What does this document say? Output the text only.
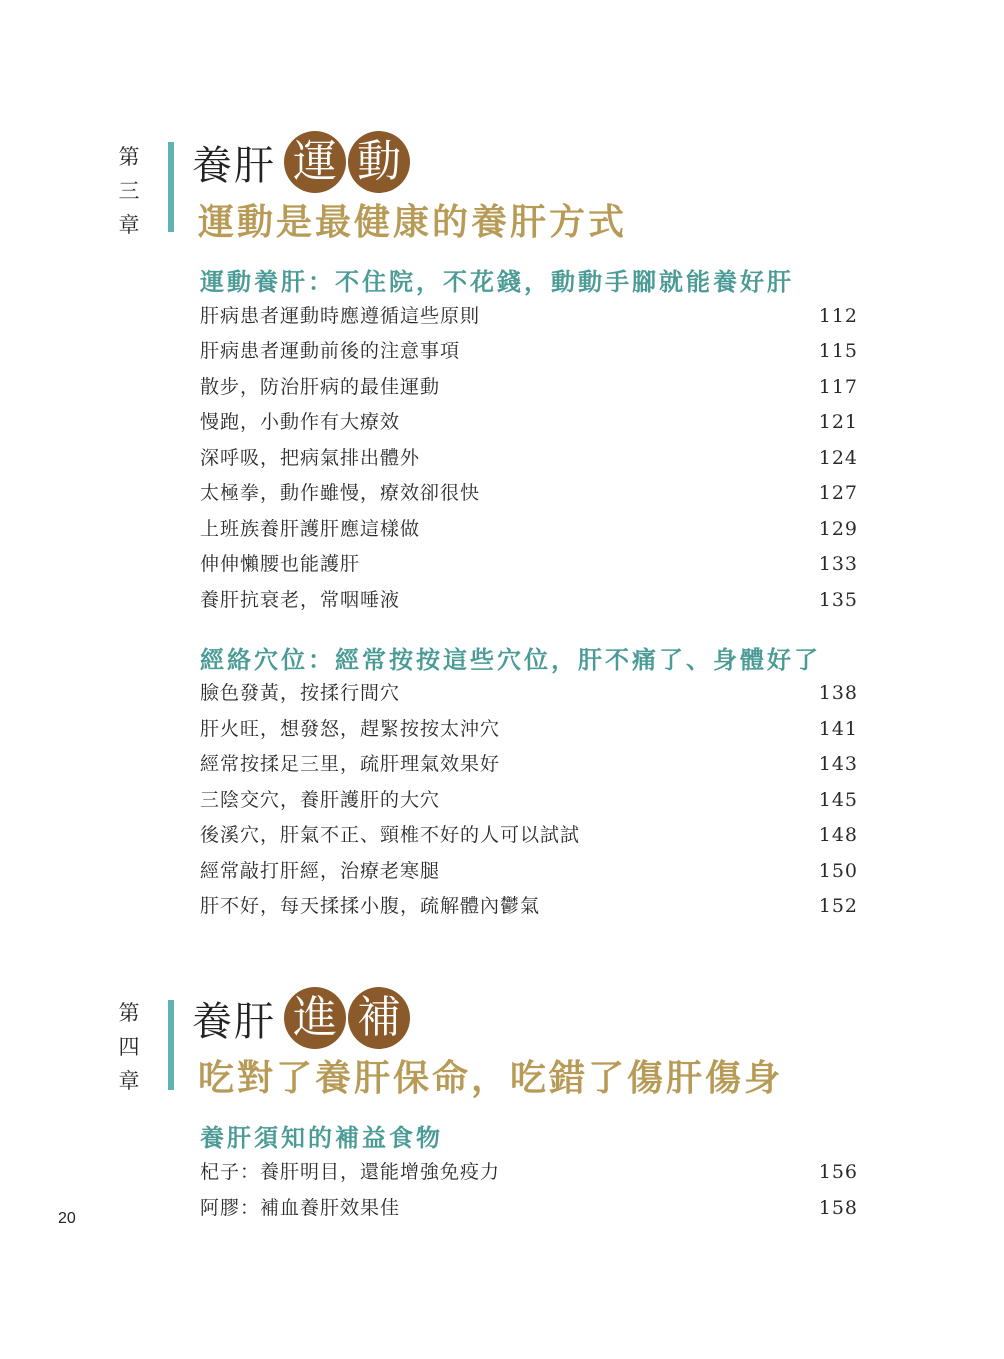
第
三
章
養肝 運 動
運動是最健康的養肝方式
運動養肝：不住院，不花錢，動動手腳就能養好肝
肝病患者運動時應遵循這些原則	112
肝病患者運動前後的注意事項	115
散步，防治肝病的最佳運動	117
慢跑，小動作有大療效	121
深呼吸，把病氣排出體外	124
太極拳，動作雖慢，療效卻很快	127
上班族養肝護肝應這樣做	129
伸伸懶腰也能護肝	133
養肝抗衰老，常咽唾液	135
經絡穴位：經常按按這些穴位，肝不痛了、身體好了
臉色發黃，按揉行間穴	138
肝火旺，想發怒，趕緊按按太沖穴	141
經常按揉足三里，疏肝理氣效果好	143
三陰交穴，養肝護肝的大穴	145
後溪穴，肝氣不正、頸椎不好的人可以試試	148
經常敲打肝經，治療老寒腿	150
肝不好，每天揉揉小腹，疏解體內鬱氣	152
第
四
章
養肝 進 補
吃對了養肝保命，吃錯了傷肝傷身
養肝須知的補益食物
杞子：養肝明目，還能增強免疫力	156
阿膠：補血養肝效果佳	158
20
